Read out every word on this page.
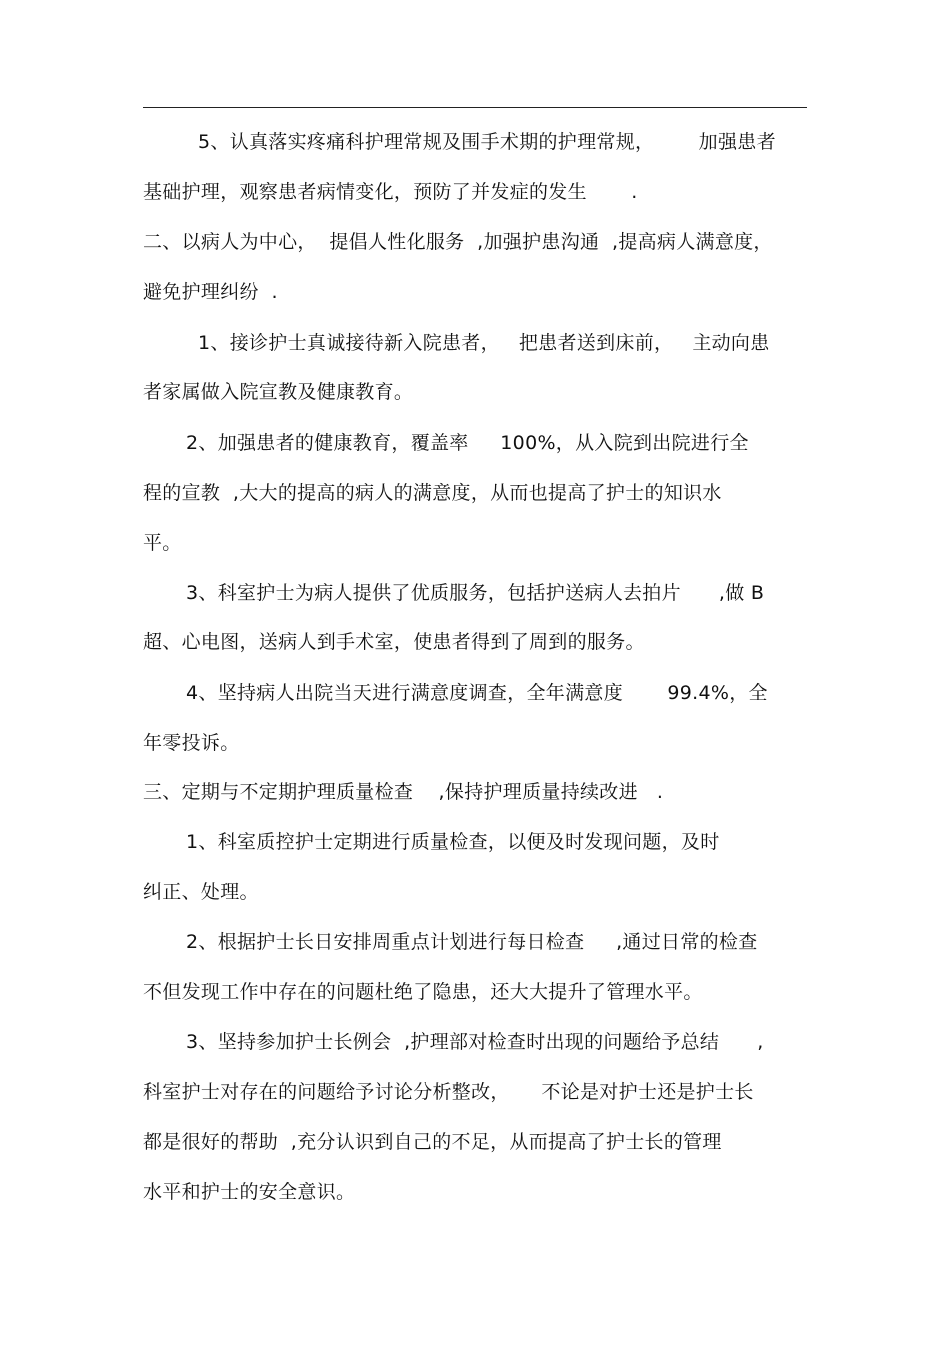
5、认真落实疼痛科护理常规及围手术期的护理常规，       加强患者
基础护理，观察患者病情变化，预防了并发症的发生       .
二、以病人为中心，  提倡人性化服务  ,加强护患沟通  ,提高病人满意度，
避免护理纠纷  .
1、接诊护士真诚接待新入院患者，   把患者送到床前，   主动向患
者家属做入院宣教及健康教育。
2、加强患者的健康教育，覆盖率     100%，从入院到出院进行全
程的宣教  ,大大的提高的病人的满意度，从而也提高了护士的知识水
平。
3、科室护士为病人提供了优质服务，包括护送病人去拍片      ,做 B
超、心电图，送病人到手术室，使患者得到了周到的服务。
4、坚持病人出院当天进行满意度调查，全年满意度       99.4%，全
年零投诉。
三、定期与不定期护理质量检查    ,保持护理质量持续改进   .
1、科室质控护士定期进行质量检查，以便及时发现问题，及时
纠正、处理。
2、根据护士长日安排周重点计划进行每日检查     ,通过日常的检查
不但发现工作中存在的问题杜绝了隐患，还大大提升了管理水平。
3、坚持参加护士长例会  ,护理部对检查时出现的问题给予总结      ,
科室护士对存在的问题给予讨论分析整改，     不论是对护士还是护士长
都是很好的帮助  ,充分认识到自己的不足，从而提高了护士长的管理
水平和护士的安全意识。
